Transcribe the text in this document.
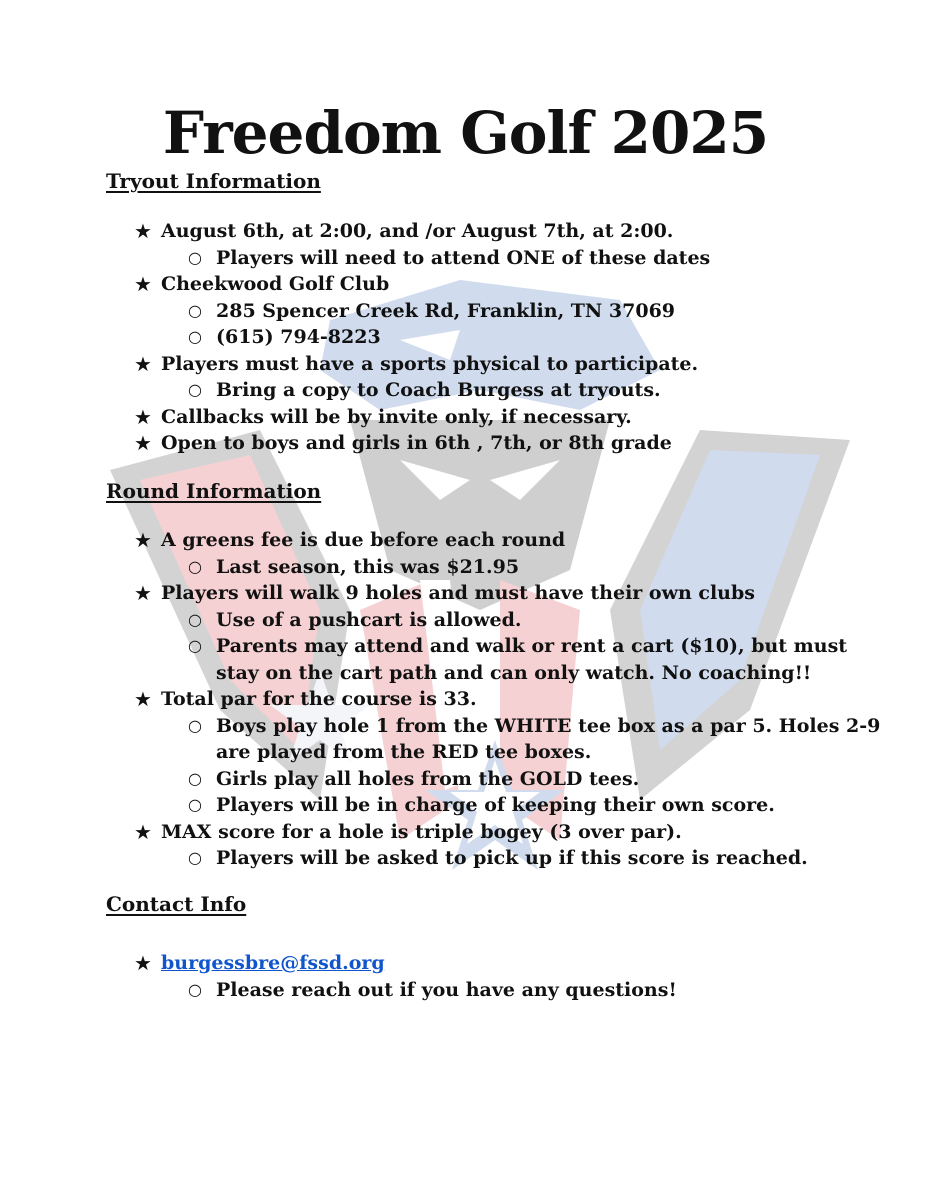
Freedom Golf 2025
Tryout Information
★ August 6th, at 2:00, and /or August 7th, at 2:00.
○ Players will need to attend ONE of these dates
★ Cheekwood Golf Club
○ 285 Spencer Creek Rd, Franklin, TN 37069
○ (615) 794-8223
★ Players must have a sports physical to participate.
○ Bring a copy to Coach Burgess at tryouts.
★ Callbacks will be by invite only, if necessary.
★ Open to boys and girls in 6th , 7th, or 8th grade
Round Information
★ A greens fee is due before each round
○ Last season, this was $21.95
★ Players will walk 9 holes and must have their own clubs
○ Use of a pushcart is allowed.
○ Parents may attend and walk or rent a cart ($10), but must
stay on the cart path and can only watch. No coaching!!
★ Total par for the course is 33.
○ Boys play hole 1 from the WHITE tee box as a par 5. Holes 2-9
are played from the RED tee boxes.
○ Girls play all holes from the GOLD tees.
○ Players will be in charge of keeping their own score.
★ MAX score for a hole is triple bogey (3 over par).
○ Players will be asked to pick up if this score is reached.
Contact Info
★ burgessbre@fssd.org
○ Please reach out if you have any questions!
